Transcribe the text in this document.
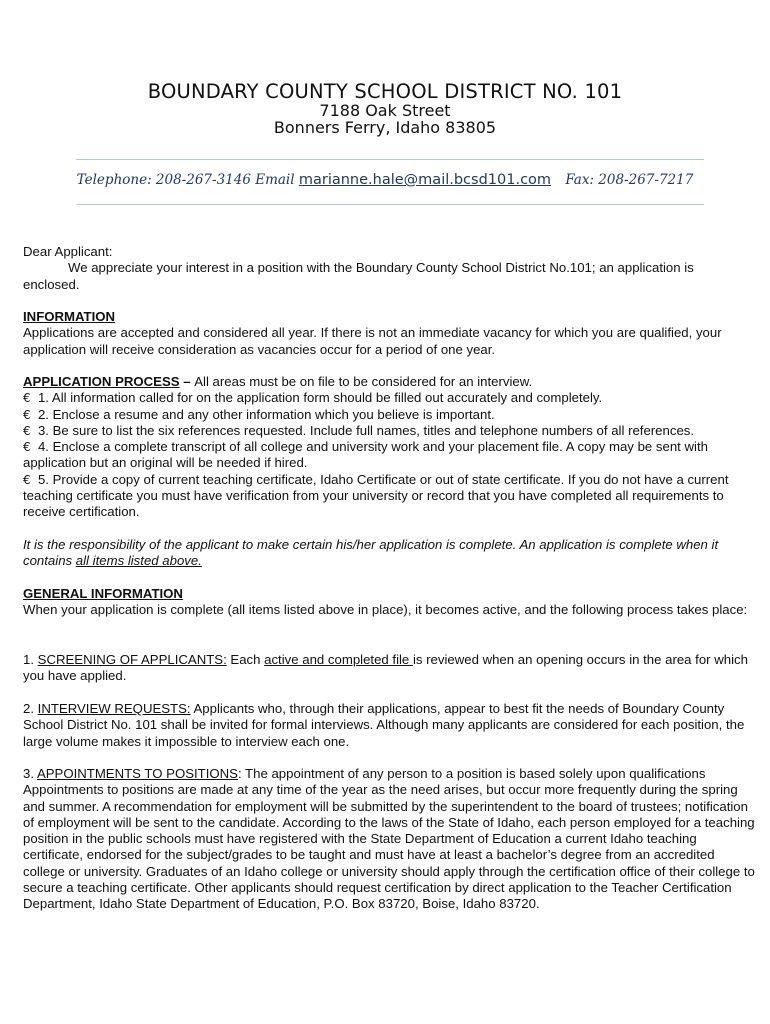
BOUNDARY COUNTY SCHOOL DISTRICT NO. 101
7188 Oak Street
Bonners Ferry, Idaho 83805
Telephone: 208-267-3146 Email marianne.hale@mail.bcsd101.com Fax: 208-267-7217

Dear Applicant:

We appreciate your interest in a position with the Boundary County School District No.101; an application is

enclosed.

INFORMATION

Applications are accepted and considered all year. If there is not an immediate vacancy for which you are qualified, your application will receive consideration as vacancies occur for a period of one year.

APPLICATION PROCESS – All areas must be on file to be considered for an interview.

€ 1. All information called for on the application form should be filled out accurately and completely.

€ 2. Enclose a resume and any other information which you believe is important.

€ 3. Be sure to list the six references requested. Include full names, titles and telephone numbers of all references.

€ 4. Enclose a complete transcript of all college and university work and your placement file. A copy may be sent with application but an original will be needed if hired.

€ 5. Provide a copy of current teaching certificate, Idaho Certificate or out of state certificate. If you do not have a current teaching certificate you must have verification from your university or record that you have completed all requirements to receive certification.

It is the responsibility of the applicant to make certain his/her application is complete. An application is complete when it contains all items listed above.

GENERAL INFORMATION

When your application is complete (all items listed above in place), it becomes active, and the following process takes place:

1. SCREENING OF APPLICANTS: Each active and completed file is reviewed when an opening occurs in the area for which you have applied.

2. INTERVIEW REQUESTS: Applicants who, through their applications, appear to best fit the needs of Boundary County School District No. 101 shall be invited for formal interviews. Although many applicants are considered for each position, the large volume makes it impossible to interview each one.

3. APPOINTMENTS TO POSITIONS: The appointment of any person to a position is based solely upon qualifications Appointments to positions are made at any time of the year as the need arises, but occur more frequently during the spring and summer. A recommendation for employment will be submitted by the superintendent to the board of trustees; notification of employment will be sent to the candidate. According to the laws of the State of Idaho, each person employed for a teaching position in the public schools must have registered with the State Department of Education a current Idaho teaching certificate, endorsed for the subject/grades to be taught and must have at least a bachelor’s degree from an accredited college or university. Graduates of an Idaho college or university should apply through the certification office of their college to secure a teaching certificate. Other applicants should request certification by direct application to the Teacher Certification Department, Idaho State Department of Education, P.O. Box 83720, Boise, Idaho 83720.
